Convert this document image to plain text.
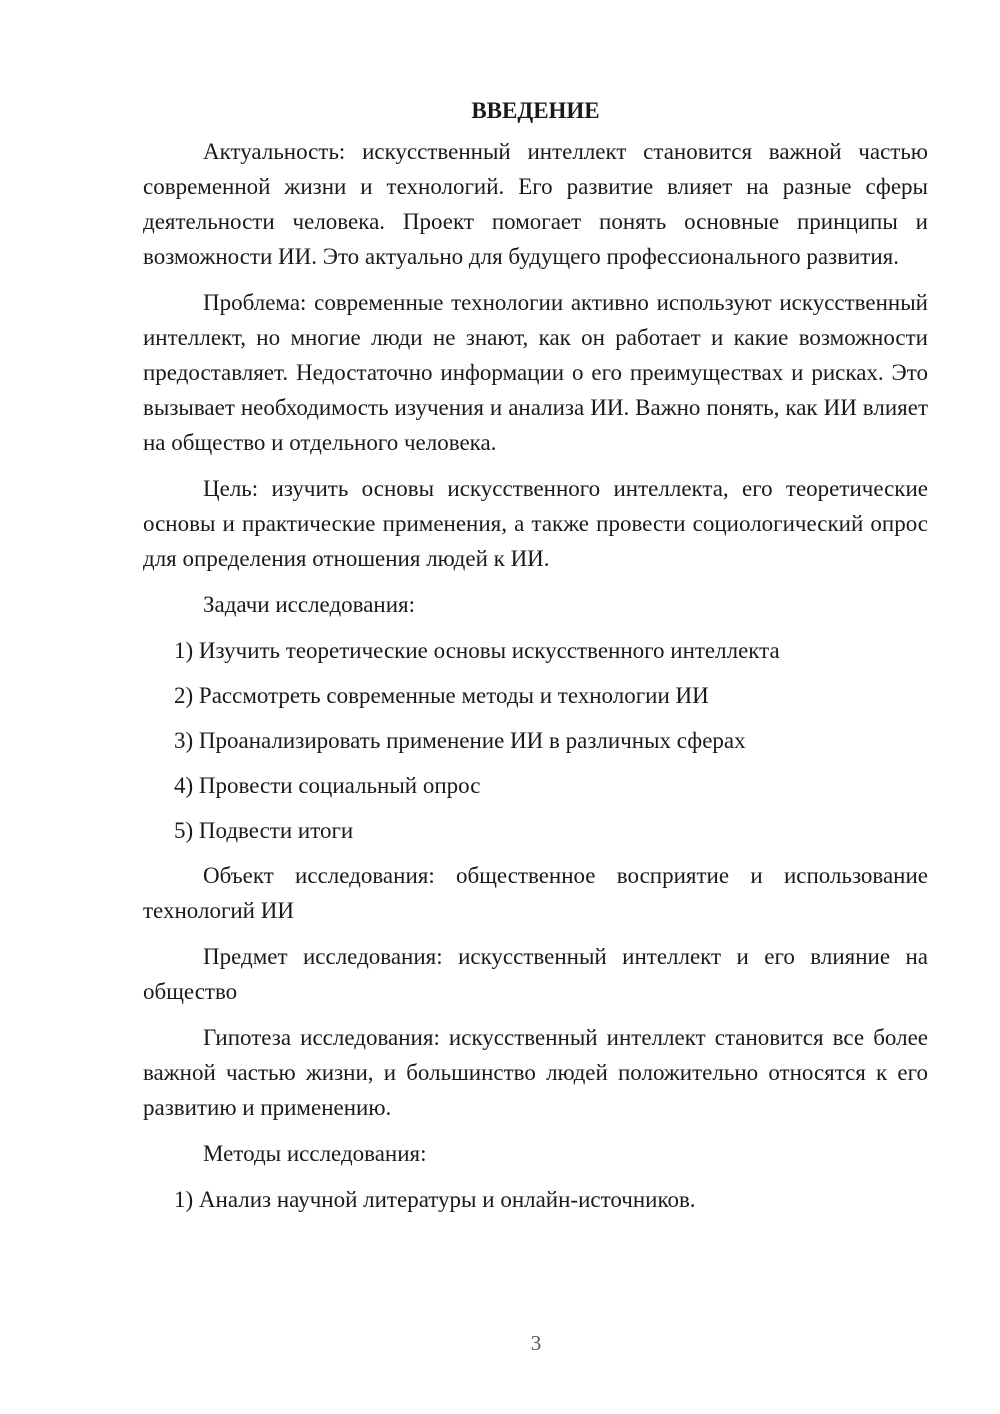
ВВЕДЕНИЕ

Актуальность: искусственный интеллект становится важной частью современной жизни и технологий. Его развитие влияет на разные сферы деятельности человека. Проект помогает понять основные принципы и возможности ИИ. Это актуально для будущего профессионального развития.

Проблема: современные технологии активно используют искусственный интеллект, но многие люди не знают, как он работает и какие возможности предоставляет. Недостаточно информации о его преимуществах и рисках. Это вызывает необходимость изучения и анализа ИИ. Важно понять, как ИИ влияет на общество и отдельного человека.

Цель: изучить основы искусственного интеллекта, его теоретические основы и практические применения, а также провести социологический опрос для определения отношения людей к ИИ.

Задачи исследования:

1) Изучить теоретические основы искусственного интеллекта
2) Рассмотреть современные методы и технологии ИИ
3) Проанализировать применение ИИ в различных сферах
4) Провести социальный опрос
5) Подвести итоги

Объект исследования: общественное восприятие и использование технологий ИИ

Предмет исследования: искусственный интеллект и его влияние на общество

Гипотеза исследования: искусственный интеллект становится все более важной частью жизни, и большинство людей положительно относятся к его развитию и применению.

Методы исследования:

1) Анализ научной литературы и онлайн-источников.
3
